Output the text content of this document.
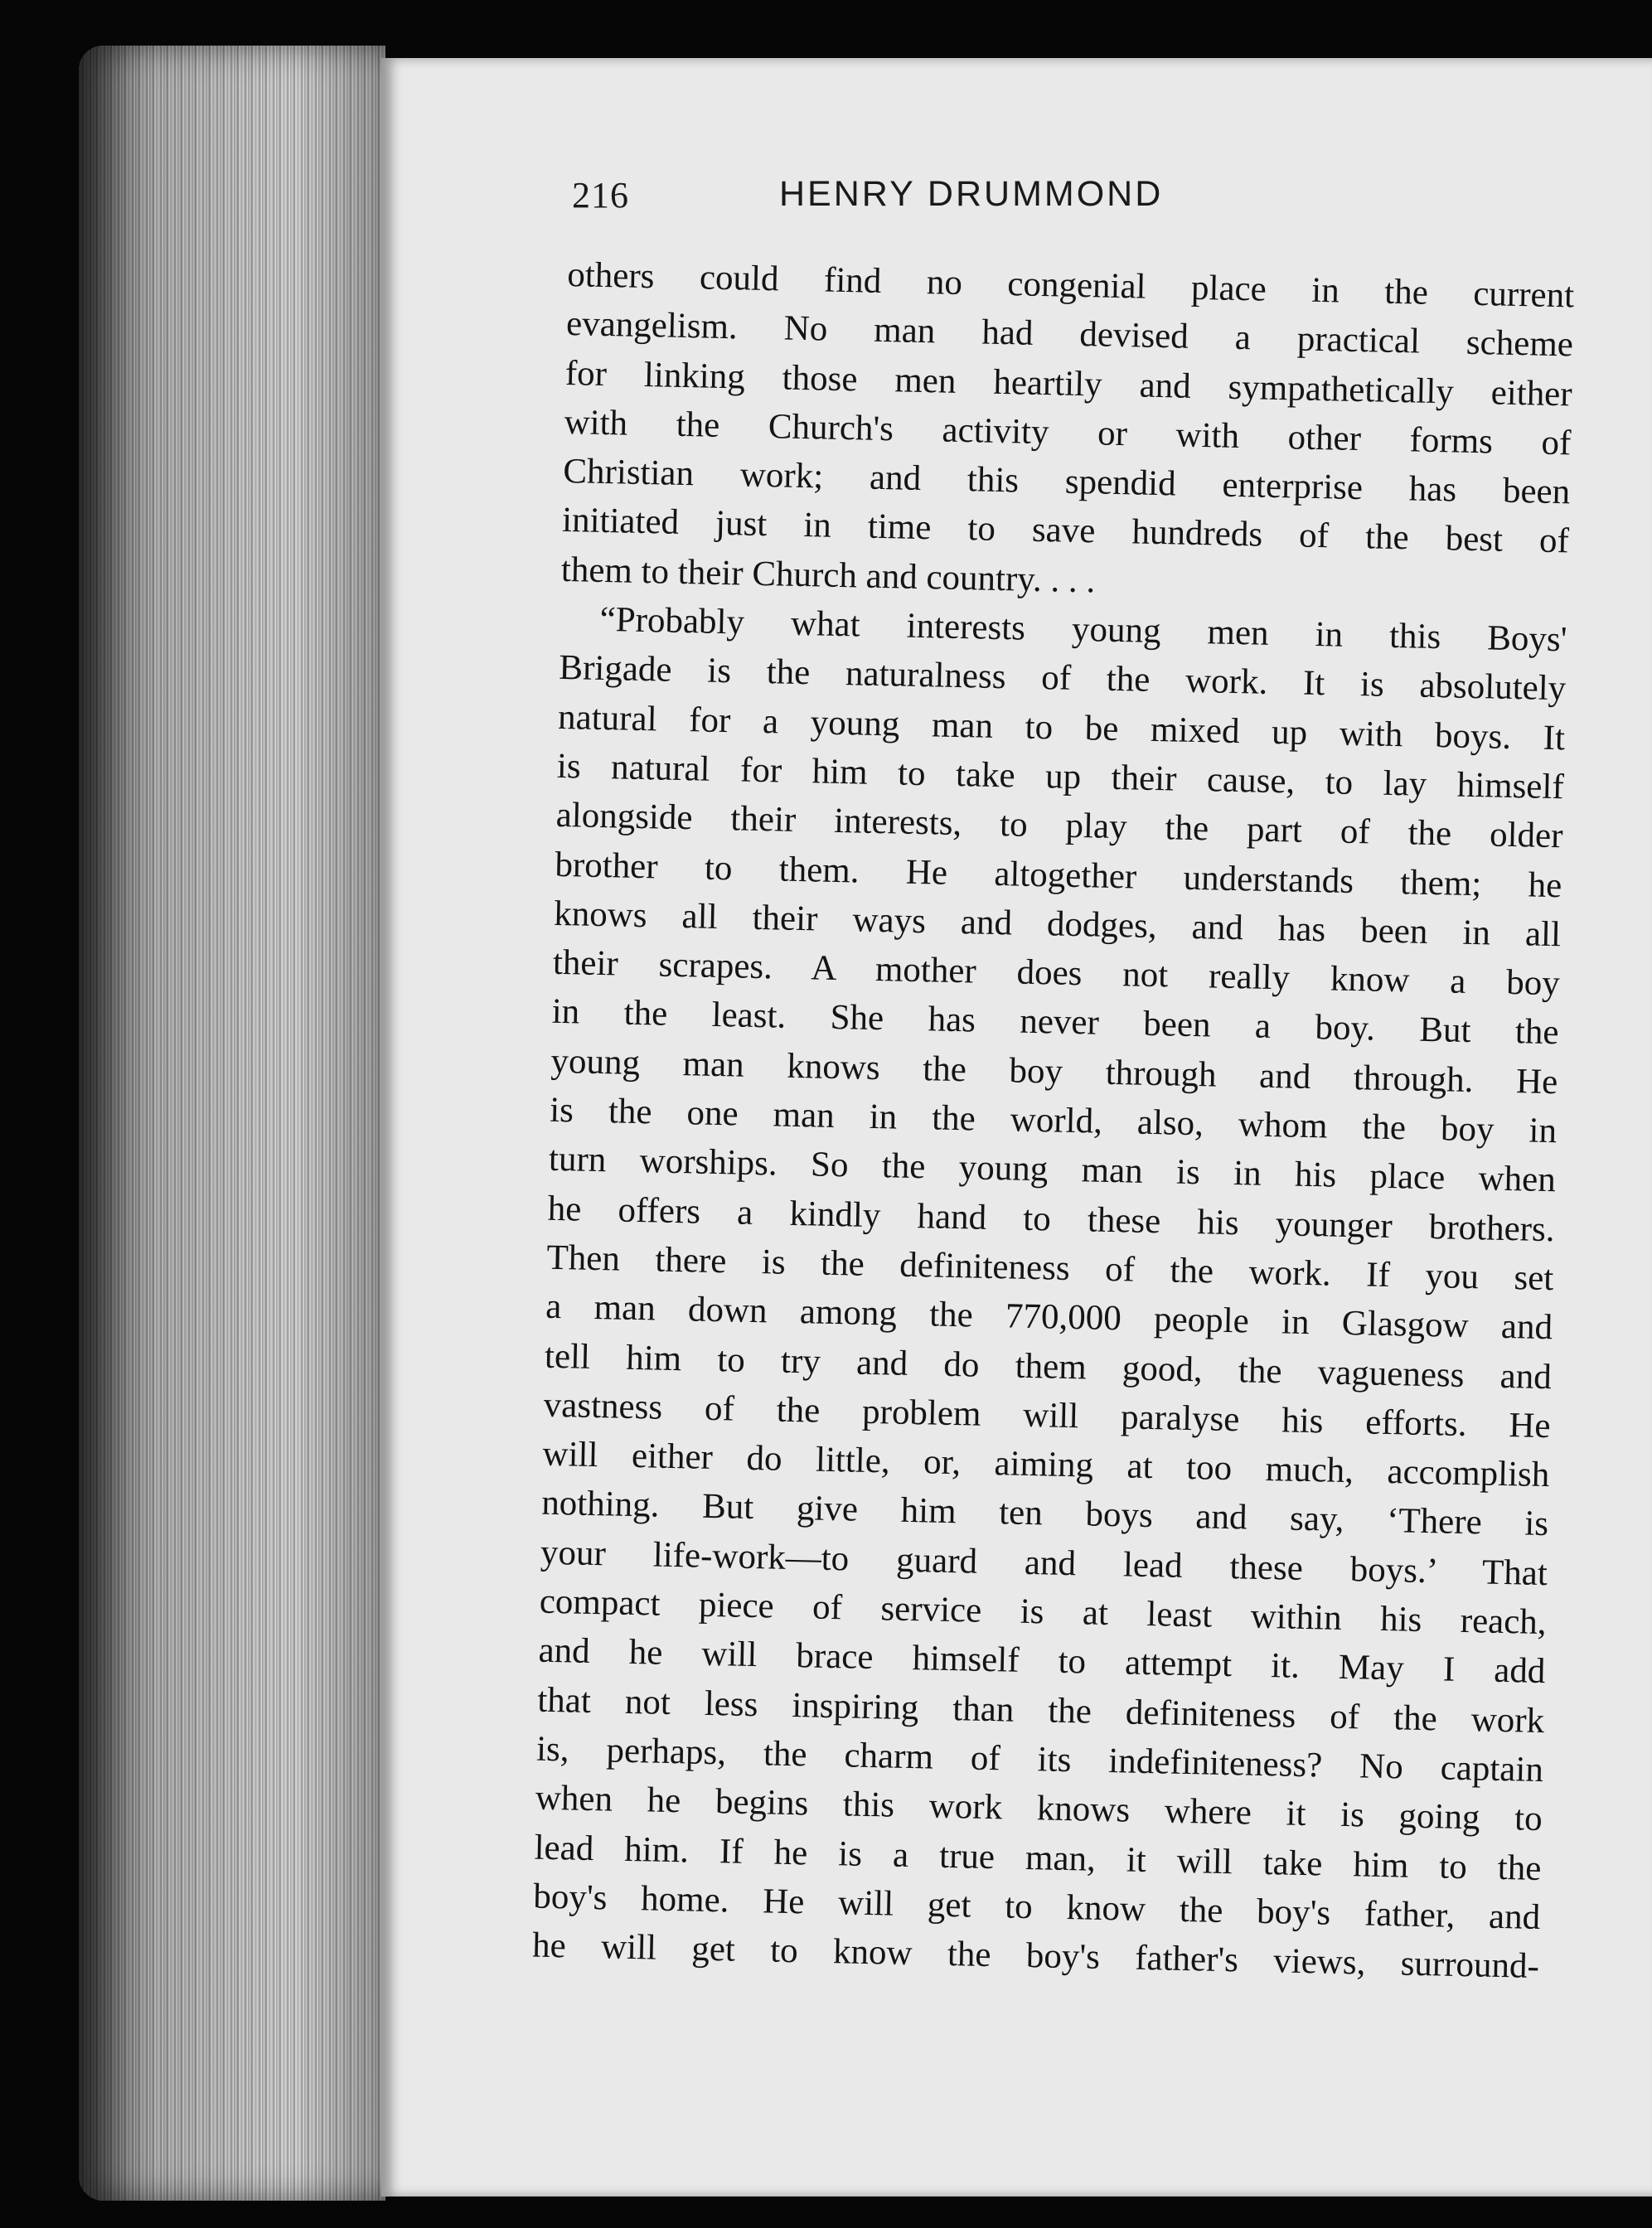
216	HENRY DRUMMOND
others could find no congenial place in the current
evangelism. No man had devised a practical scheme
for linking those men heartily and sympathetically either
with the Church's activity or with other forms of
Christian work; and this spendid enterprise has been
initiated just in time to save hundreds of the best of
them to their Church and country. . . .
“Probably what interests young men in this Boys'
Brigade is the naturalness of the work. It is absolutely
natural for a young man to be mixed up with boys. It
is natural for him to take up their cause, to lay himself
alongside their interests, to play the part of the older
brother to them. He altogether understands them; he
knows all their ways and dodges, and has been in all
their scrapes. A mother does not really know a boy
in the least. She has never been a boy. But the
young man knows the boy through and through. He
is the one man in the world, also, whom the boy in
turn worships. So the young man is in his place when
he offers a kindly hand to these his younger brothers.
Then there is the definiteness of the work. If you set
a man down among the 770,000 people in Glasgow and
tell him to try and do them good, the vagueness and
vastness of the problem will paralyse his efforts. He
will either do little, or, aiming at too much, accomplish
nothing. But give him ten boys and say, ‘There is
your life-work—to guard and lead these boys.’ That
compact piece of service is at least within his reach,
and he will brace himself to attempt it. May I add
that not less inspiring than the definiteness of the work
is, perhaps, the charm of its indefiniteness? No captain
when he begins this work knows where it is going to
lead him. If he is a true man, it will take him to the
boy's home. He will get to know the boy's father, and
he will get to know the boy's father's views, surround-
